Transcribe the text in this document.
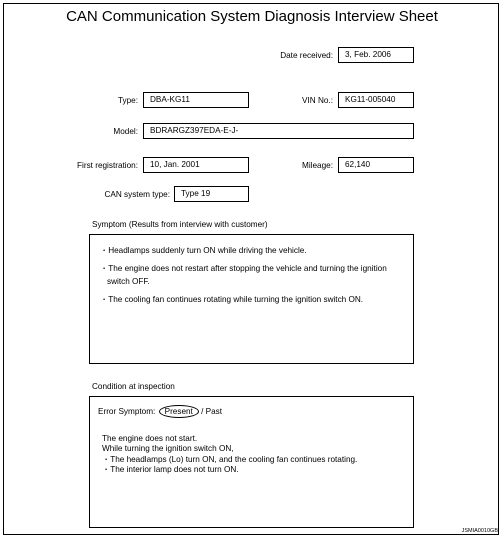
CAN Communication System Diagnosis Interview Sheet
Date received:	3, Feb. 2006
Type:	DBA-KG11	VIN No.:	KG11-005040
Model:	BDRARGZ397EDA-E-J-
First registration:	10, Jan. 2001	Mileage:	62,140
CAN system type:	Type 19
Symptom (Results from interview with customer)
・Headlamps suddenly turn ON while driving the vehicle.
・The engine does not restart after stopping the vehicle and turning the ignition
switch OFF.
・The cooling fan continues rotating while turning the ignition switch ON.
Condition at inspection
Error Symptom: Present / Past
The engine does not start.
While turning the ignition switch ON,
・The headlamps (Lo) turn ON, and the cooling fan continues rotating.
・The interior lamp does not turn ON.
JSMIA0010GB
